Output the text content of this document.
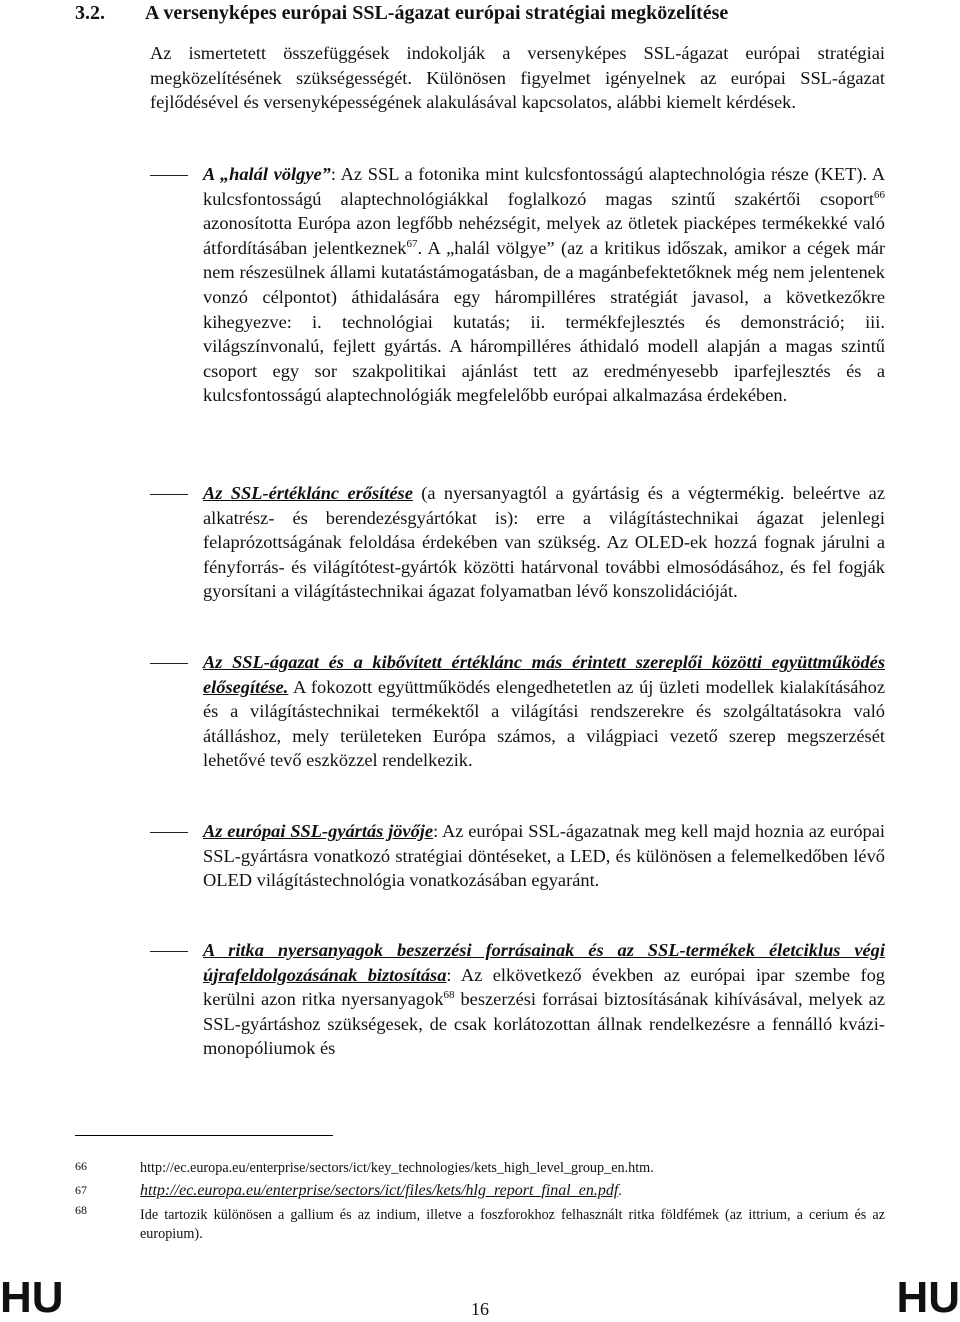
3.2. A versenyképes európai SSL-ágazat európai stratégiai megközelítése

Az ismertetett összefüggések indokolják a versenyképes SSL-ágazat európai stratégiai megközelítésének szükségességét. Különösen figyelmet igényelnek az európai SSL-ágazat fejlődésével és versenyképességének alakulásával kapcsolatos, alábbi kiemelt kérdések.

A „halál völgye”: Az SSL a fotonika mint kulcsfontosságú alaptechnológia része (KET). A kulcsfontosságú alaptechnológiákkal foglalkozó magas szintű szakértői csoport$^{66}$ azonosította Európa azon legfőbb nehézségit, melyek az ötletek piacképes termékekké való átfordításában jelentkeznek$^{67}$. A „halál völgye” (az a kritikus időszak, amikor a cégek már nem részesülnek állami kutatástámogatásban, de a magánbefektetőknek még nem jelentenek vonzó célpontot) áthidalására egy hárompilléres stratégiát javasol, a következőkre kihegyezve: i. technológiai kutatás; ii. termékfejlesztés és demonstráció; iii. világszínvonalú, fejlett gyártás. A hárompilléres áthidaló modell alapján a magas szintű csoport egy sor szakpolitikai ajánlást tett az eredményesebb iparfejlesztés és a kulcsfontosságú alaptechnológiák megfelelőbb európai alkalmazása érdekében.

Az SSL-értéklánc erősítése (a nyersanyagtól a gyártásig és a végtermékig. beleértve az alkatrész- és berendezésgyártókat is): erre a világítástechnikai ágazat jelenlegi felaprózottságának feloldása érdekében van szükség. Az OLED-ek hozzá fognak járulni a fényforrás- és világítótest-gyártók közötti határvonal további elmosódásához, és fel fogják gyorsítani a világítástechnikai ágazat folyamatban lévő konszolidációját.

Az SSL-ágazat és a kibővített értéklánc más érintett szereplői közötti együttműködés elősegítése. A fokozott együttműködés elengedhetetlen az új üzleti modellek kialakításához és a világítástechnikai termékektől a világítási rendszerekre és szolgáltatásokra való átálláshoz, mely területeken Európa számos, a világpiaci vezető szerep megszerzését lehetővé tevő eszközzel rendelkezik.

Az európai SSL-gyártás jövője: Az európai SSL-ágazatnak meg kell majd hoznia az európai SSL-gyártásra vonatkozó stratégiai döntéseket, a LED, és különösen a felemelkedőben lévő OLED világítástechnológia vonatkozásában egyaránt.

A ritka nyersanyagok beszerzési forrásainak és az SSL-termékek életciklus végi újrafeldolgozásának biztosítása: Az elkövetkező években az európai ipar szembe fog kerülni azon ritka nyersanyagok$^{68}$ beszerzési forrásai biztosításának kihívásával, melyek az SSL-gyártáshoz szükségesek, de csak korlátozottan állnak rendelkezésre a fennálló kvázi-monopóliumok és

66	http://ec.europa.eu/enterprise/sectors/ict/key_technologies/kets_high_level_group_en.htm.

67	http://ec.europa.eu/enterprise/sectors/ict/files/kets/hlg_report_final_en.pdf.

68	Ide tartozik különösen a gallium és az indium, illetve a foszforokhoz felhasznált ritka földfémek (az ittrium, a cerium és az europium).

HU	16	HU
